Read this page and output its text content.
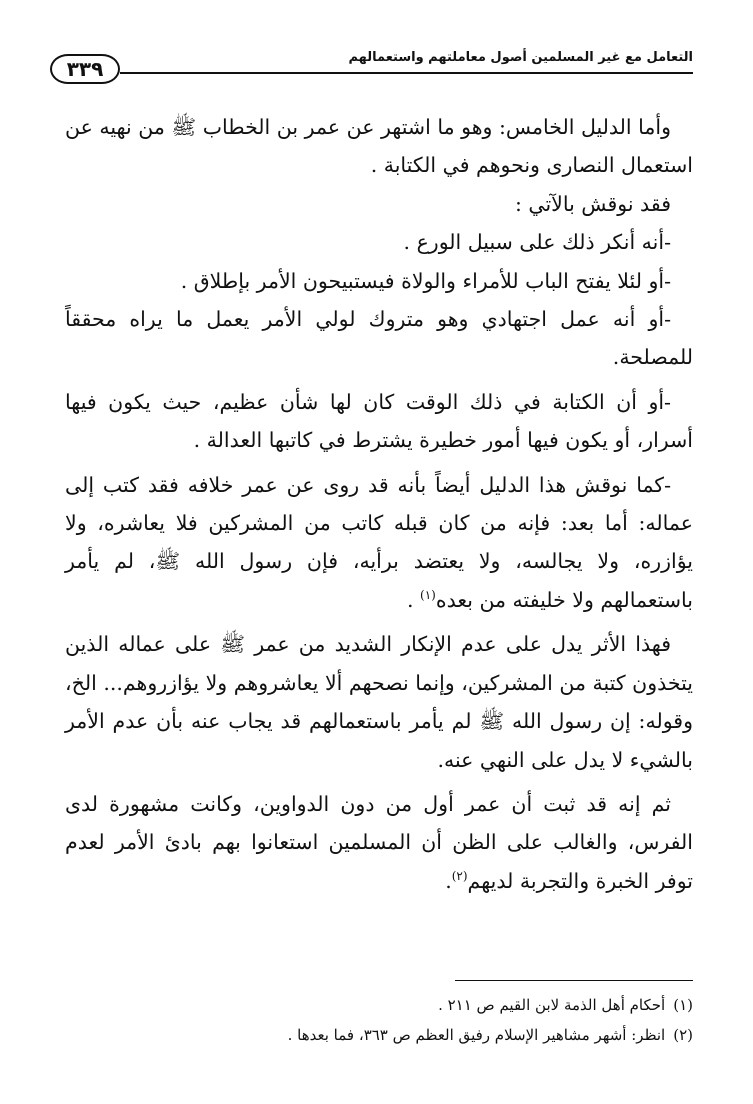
التعامل مع غير المسلمين أصول معاملتهم واستعمالهم
٣٣٩

وأما الدليل الخامس: وهو ما اشتهر عن عمر بن الخطاب ﷺ من نهيه عن استعمال النصارى ونحوهم في الكتابة .

فقد نوقش بالآتي :

-أنه أنكر ذلك على سبيل الورع .

-أو لئلا يفتح الباب للأمراء والولاة فيستبيحون الأمر بإطلاق .

-أو أنه عمل اجتهادي وهو متروك لولي الأمر يعمل ما يراه محققاً للمصلحة.

-أو أن الكتابة في ذلك الوقت كان لها شأن عظيم، حيث يكون فيها أسرار، أو يكون فيها أمور خطيرة يشترط في كاتبها العدالة .

-كما نوقش هذا الدليل أيضاً بأنه قد روى عن عمر خلافه فقد كتب إلى عماله: أما بعد: فإنه من كان قبله كاتب من المشركين فلا يعاشره، ولا يؤازره، ولا يجالسه، ولا يعتضد برأيه، فإن رسول الله ﷺ، لم يأمر باستعمالهم ولا خليفته من بعده$^{(١)}$ .

فهذا الأثر يدل على عدم الإنكار الشديد من عمر ﷺ على عماله الذين يتخذون كتبة من المشركين، وإنما نصحهم ألا يعاشروهم ولا يؤازروهم... الخ، وقوله: إن رسول الله ﷺ لم يأمر باستعمالهم قد يجاب عنه بأن عدم الأمر بالشيء لا يدل على النهي عنه.

ثم إنه قد ثبت أن عمر أول من دون الدواوين، وكانت مشهورة لدى الفرس، والغالب على الظن أن المسلمين استعانوا بهم بادئ الأمر لعدم توفر الخبرة والتجربة لديهم$^{(٢)}$.

(١)أحكام أهل الذمة لابن القيم ص ٢١١ .
(٢)انظر: أشهر مشاهير الإسلام رفيق العظم ص ٣٦٣، فما بعدها .
